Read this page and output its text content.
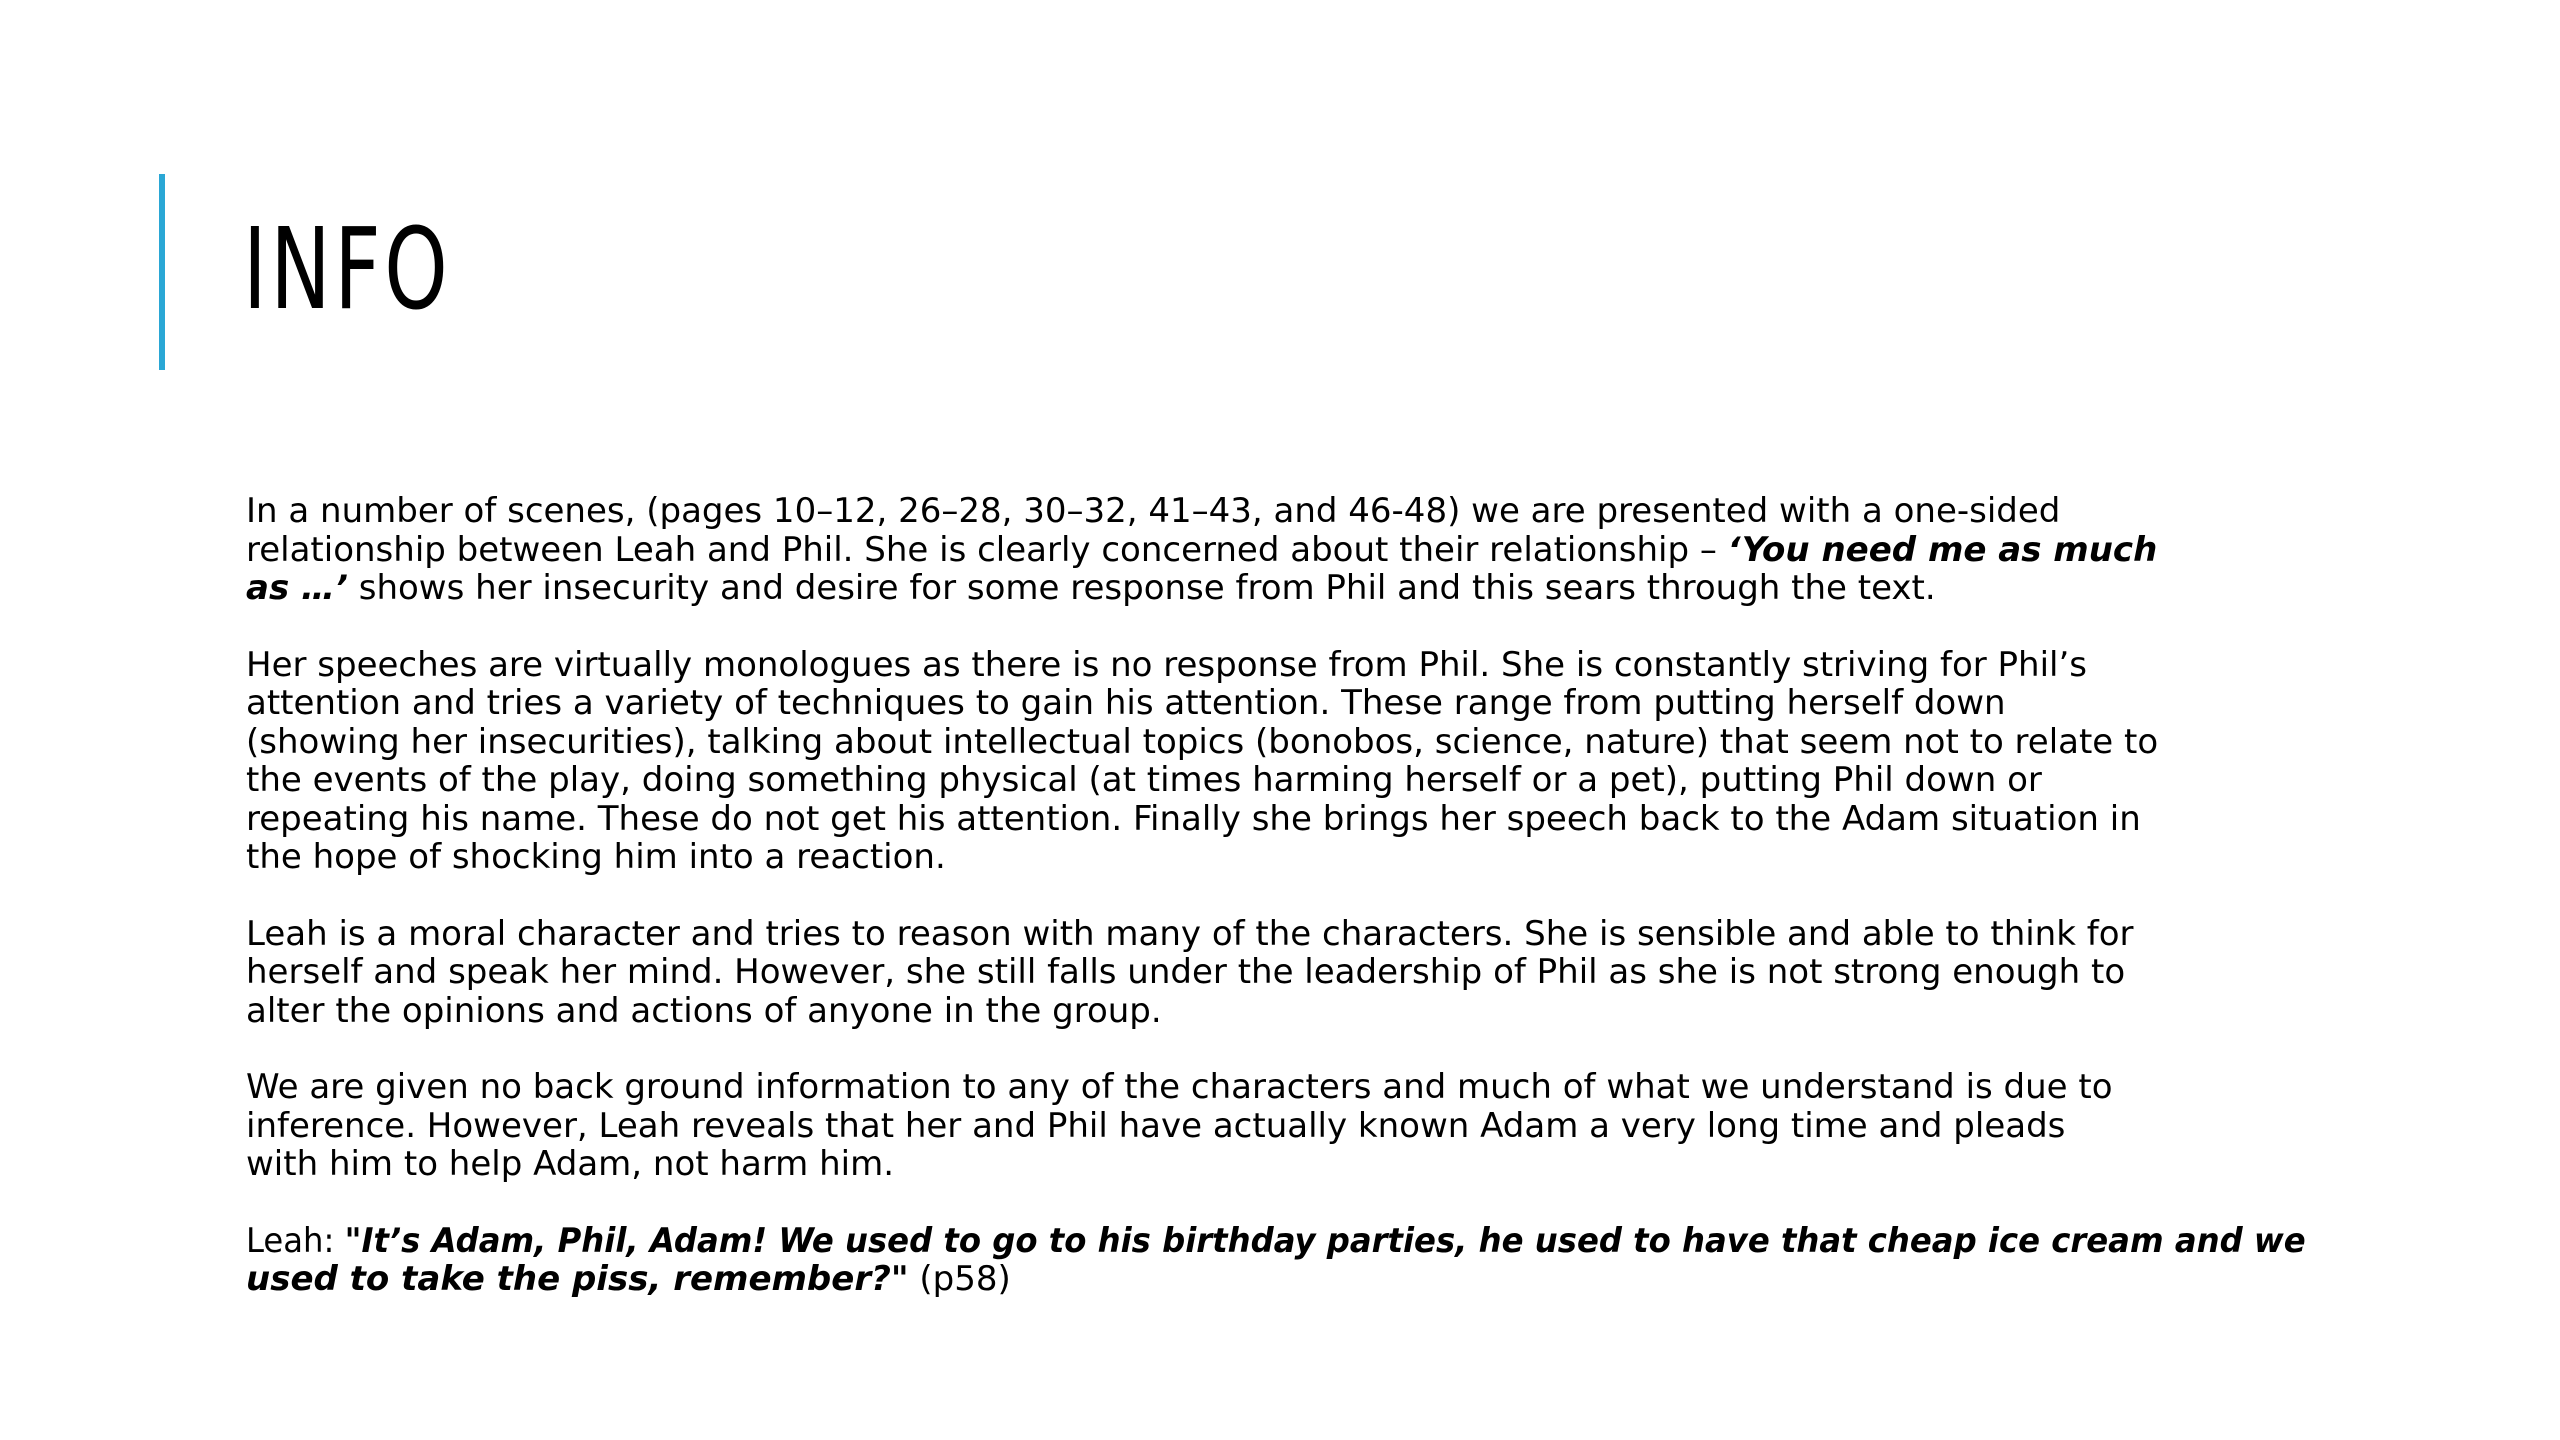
INFO

In a number of scenes, (pages 10–12, 26–28, 30–32, 41–43, and 46-48) we are presented with a one-sided
relationship between Leah and Phil. She is clearly concerned about their relationship – ‘You need me as much
as …’ shows her insecurity and desire for some response from Phil and this sears through the text.

Her speeches are virtually monologues as there is no response from Phil. She is constantly striving for Phil’s
attention and tries a variety of techniques to gain his attention. These range from putting herself down
(showing her insecurities), talking about intellectual topics (bonobos, science, nature) that seem not to relate to
the events of the play, doing something physical (at times harming herself or a pet), putting Phil down or
repeating his name. These do not get his attention. Finally she brings her speech back to the Adam situation in
the hope of shocking him into a reaction.

Leah is a moral character and tries to reason with many of the characters. She is sensible and able to think for
herself and speak her mind. However, she still falls under the leadership of Phil as she is not strong enough to
alter the opinions and actions of anyone in the group.

We are given no back ground information to any of the characters and much of what we understand is due to
inference. However, Leah reveals that her and Phil have actually known Adam a very long time and pleads
with him to help Adam, not harm him.

Leah: "It’s Adam, Phil, Adam! We used to go to his birthday parties, he used to have that cheap ice cream and we
used to take the piss, remember?" (p58)
